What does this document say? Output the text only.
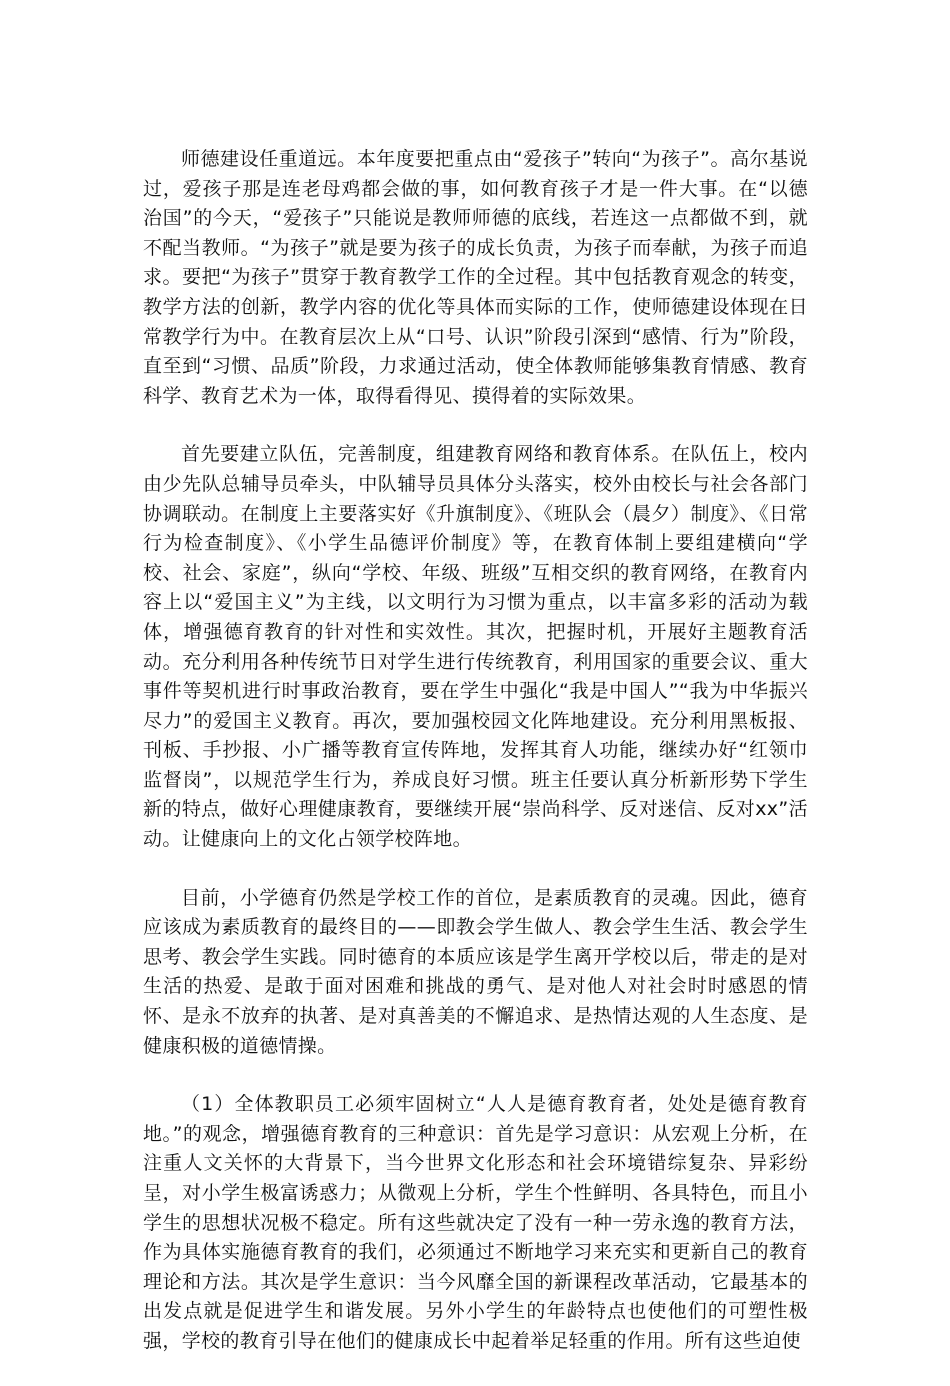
师德建设任重道远。本年度要把重点由“爱孩子”转向“为孩子”。高尔基说过，爱孩子那是连老母鸡都会做的事，如何教育孩子才是一件大事。在“以德治国”的今天，“爱孩子”只能说是教师师德的底线，若连这一点都做不到，就不配当教师。“为孩子”就是要为孩子的成长负责，为孩子而奉献，为孩子而追求。要把“为孩子”贯穿于教育教学工作的全过程。其中包括教育观念的转变，教学方法的创新，教学内容的优化等具体而实际的工作，使师德建设体现在日常教学行为中。在教育层次上从“口号、认识”阶段引深到“感情、行为”阶段，直至到“习惯、品质”阶段，力求通过活动，使全体教师能够集教育情感、教育科学、教育艺术为一体，取得看得见、摸得着的实际效果。

首先要建立队伍，完善制度，组建教育网络和教育体系。在队伍上，校内由少先队总辅导员牵头，中队辅导员具体分头落实，校外由校长与社会各部门协调联动。在制度上主要落实好《升旗制度》、《班队会（晨夕）制度》、《日常行为检查制度》、《小学生品德评价制度》等，在教育体制上要组建横向“学校、社会、家庭”，纵向“学校、年级、班级”互相交织的教育网络，在教育内容上以“爱国主义”为主线，以文明行为习惯为重点，以丰富多彩的活动为载体，增强德育教育的针对性和实效性。其次，把握时机，开展好主题教育活动。充分利用各种传统节日对学生进行传统教育，利用国家的重要会议、重大事件等契机进行时事政治教育，要在学生中强化“我是中国人”“我为中华振兴尽力”的爱国主义教育。再次，要加强校园文化阵地建设。充分利用黑板报、刊板、手抄报、小广播等教育宣传阵地，发挥其育人功能，继续办好“红领巾监督岗”，以规范学生行为，养成良好习惯。班主任要认真分析新形势下学生新的特点，做好心理健康教育，要继续开展“崇尚科学、反对迷信、反对xx”活动。让健康向上的文化占领学校阵地。

目前，小学德育仍然是学校工作的首位，是素质教育的灵魂。因此，德育应该成为素质教育的最终目的——即教会学生做人、教会学生生活、教会学生思考、教会学生实践。同时德育的本质应该是学生离开学校以后，带走的是对生活的热爱、是敢于面对困难和挑战的勇气、是对他人对社会时时感恩的情怀、是永不放弃的执著、是对真善美的不懈追求、是热情达观的人生态度、是健康积极的道德情操。

（1）全体教职员工必须牢固树立“人人是德育教育者，处处是德育教育地。”的观念，增强德育教育的三种意识：首先是学习意识：从宏观上分析，在注重人文关怀的大背景下，当今世界文化形态和社会环境错综复杂、异彩纷呈，对小学生极富诱惑力；从微观上分析，学生个性鲜明、各具特色，而且小学生的思想状况极不稳定。所有这些就决定了没有一种一劳永逸的教育方法，作为具体实施德育教育的我们，必须通过不断地学习来充实和更新自己的教育理论和方法。其次是学生意识：当今风靡全国的新课程改革活动，它最基本的出发点就是促进学生和谐发展。另外小学生的年龄特点也使他们的可塑性极强，学校的教育引导在他们的健康成长中起着举足轻重的作用。所有这些迫使
